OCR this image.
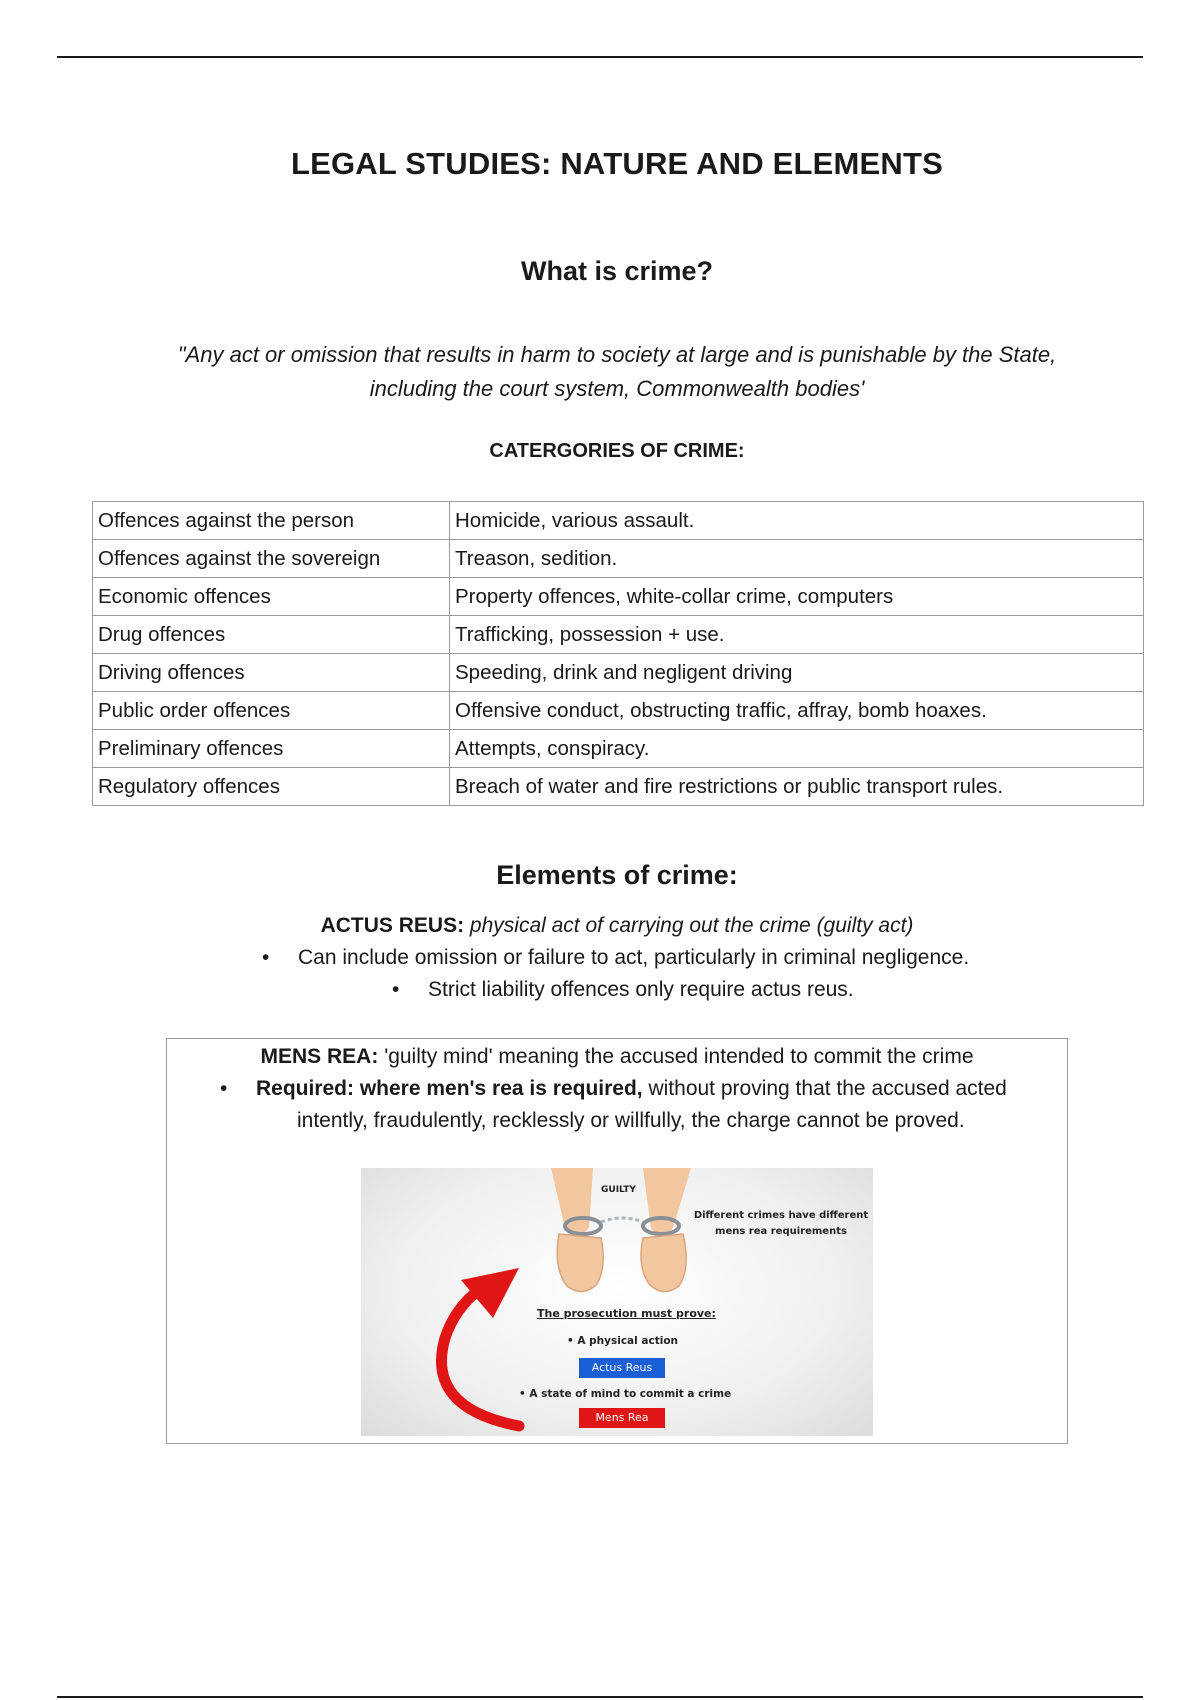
LEGAL STUDIES: NATURE AND ELEMENTS
What is crime?
"Any act or omission that results in harm to society at large and is punishable by the State, including the court system, Commonwealth bodies'
CATERGORIES OF CRIME:
Offences against the person	Homicide, various assault.
Offences against the sovereign	Treason, sedition.
Economic offences	Property offences, white-collar crime, computers
Drug offences	Trafficking, possession + use.
Driving offences	Speeding, drink and negligent driving
Public order offences	Offensive conduct, obstructing traffic, affray, bomb hoaxes.
Preliminary offences	Attempts, conspiracy.
Regulatory offences	Breach of water and fire restrictions or public transport rules.
Elements of crime:
ACTUS REUS: physical act of carrying out the crime (guilty act)
• Can include omission or failure to act, particularly in criminal negligence.
• Strict liability offences only require actus reus.
MENS REA: 'guilty mind' meaning the accused intended to commit the crime
• Required: where men's rea is required, without proving that the accused acted
intently, fraudulently, recklessly or willfully, the charge cannot be proved.
GUILTY
Different crimes have different mens rea requirements
The prosecution must prove:
• A physical action
Actus Reus
• A state of mind to commit a crime
Mens Rea
